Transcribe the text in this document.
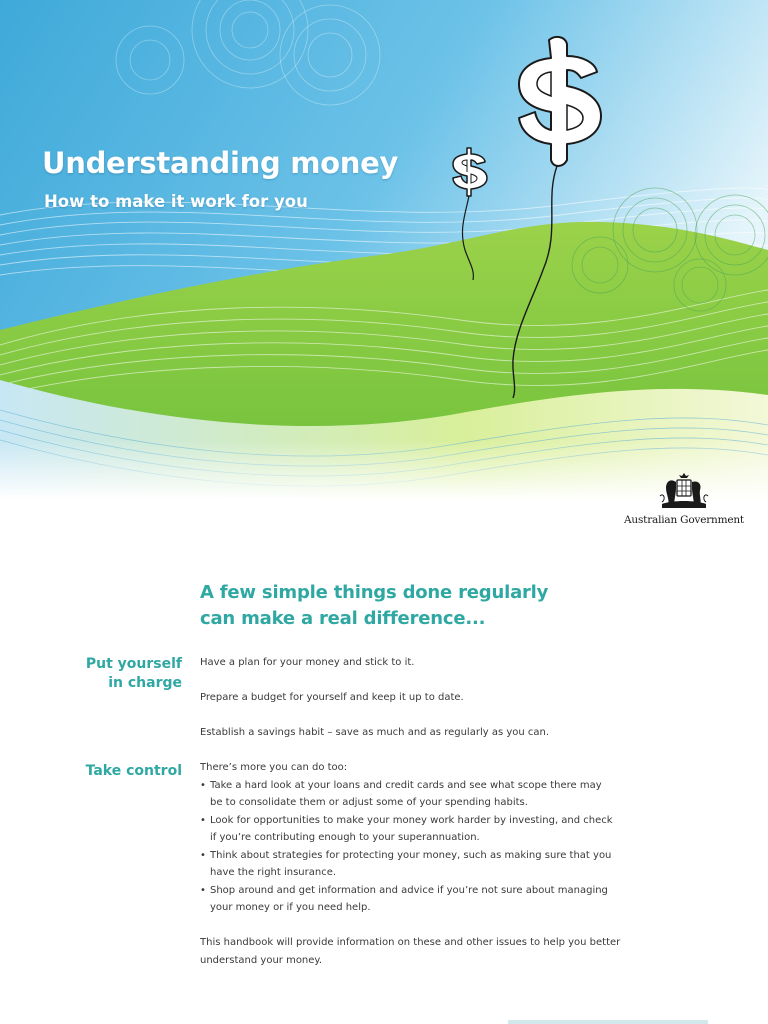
Understanding money
How to make it work for you
Australian Government
A few simple things done regularly
can make a real difference...
Put yourself
in charge
Take control

Have a plan for your money and stick to it.

Prepare a budget for yourself and keep it up to date.

Establish a savings habit – save as much and as regularly as you can.

There’s more you can do too:
• Take a hard look at your loans and credit cards and see what scope there may
be to consolidate them or adjust some of your spending habits.
• Look for opportunities to make your money work harder by investing, and check
if you’re contributing enough to your superannuation.
• Think about strategies for protecting your money, such as making sure that you
have the right insurance.
• Shop around and get information and advice if you’re not sure about managing
your money or if you need help.
This handbook will provide information on these and other issues to help you better
understand your money.
